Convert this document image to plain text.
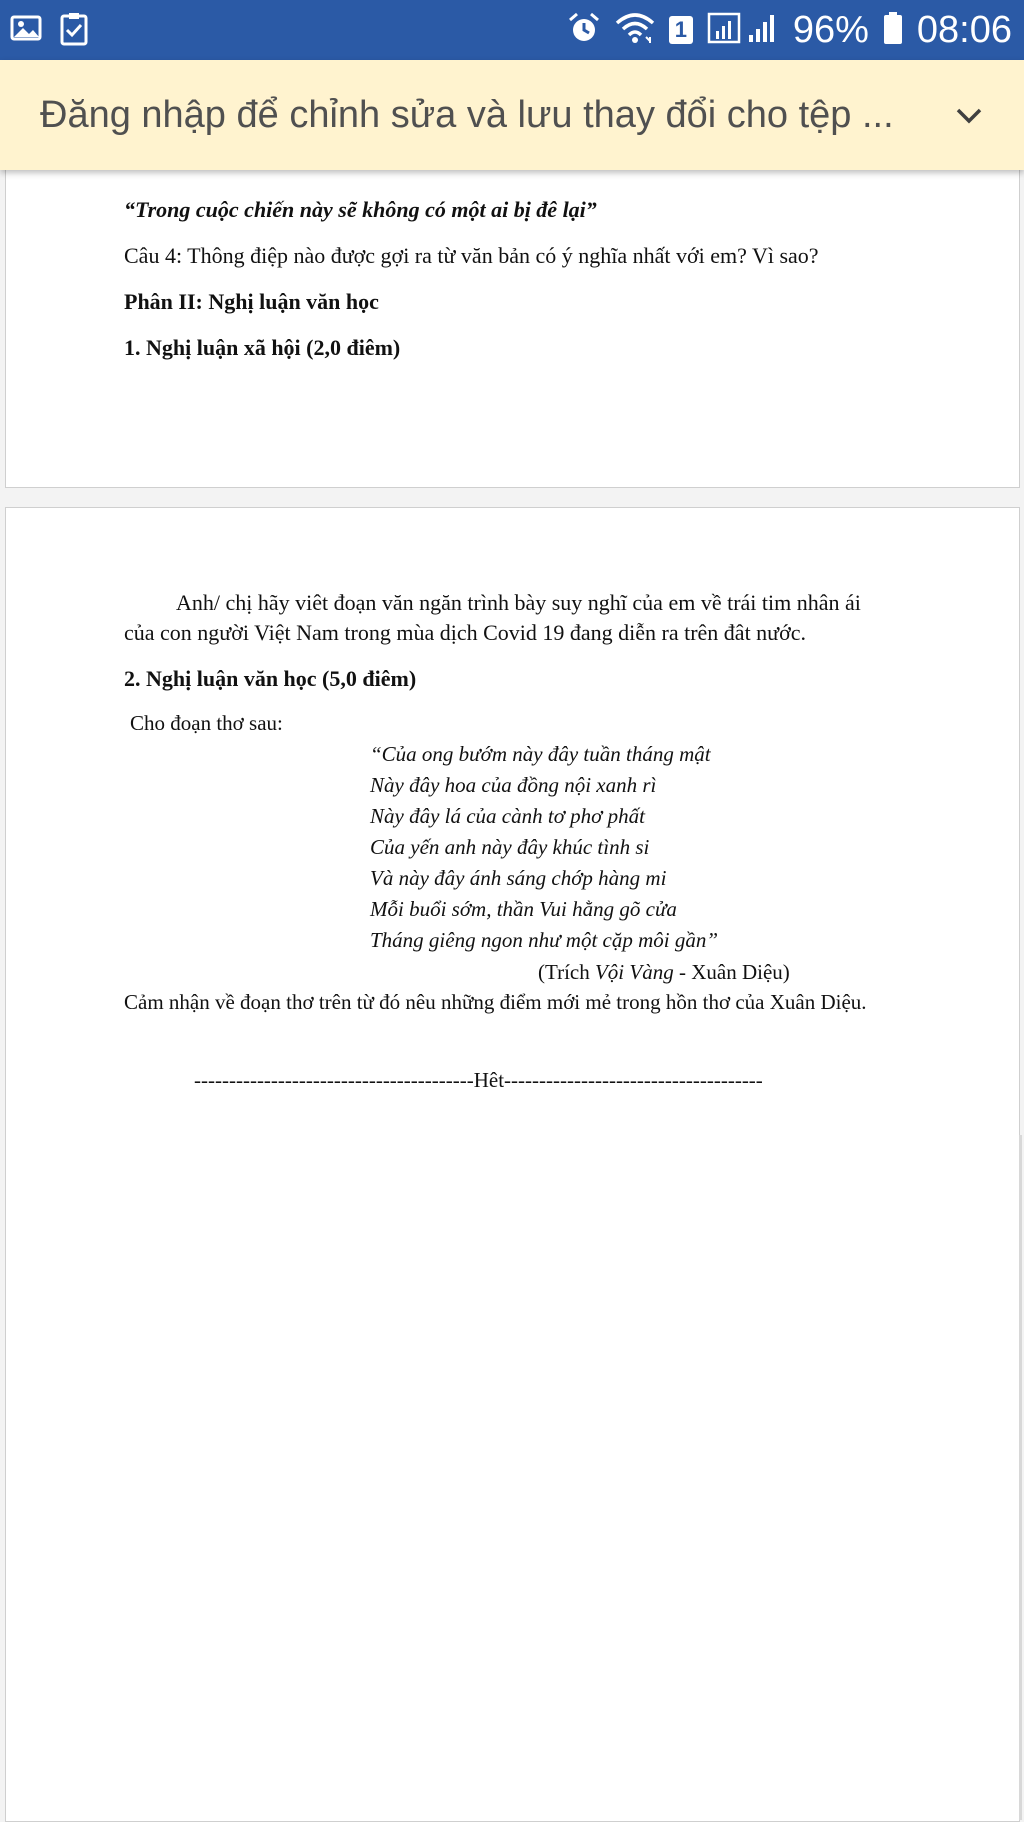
1	96% 08:06
Đăng nhập để chỉnh sửa và lưu thay đổi cho tệp ...
“Trong cuộc chiến này sẽ không có một ai bị đê lại”
Câu 4: Thông điệp nào được gợi ra từ văn bản có ý nghĩa nhất với em? Vì sao?
Phân II: Nghị luận văn học
1. Nghị luận xã hội (2,0 điêm)
Anh/ chị hãy viêt đoạn văn ngăn trình bày suy nghĩ của em về trái tim nhân ái
của con người Việt Nam trong mùa dịch Covid 19 đang diễn ra trên đât nước.
2. Nghị luận văn học (5,0 điêm)
Cho đoạn thơ sau:
“Của ong bướm này đây tuần tháng mật
Này đây hoa của đồng nội xanh rì
Này đây lá của cành tơ phơ phất
Của yến anh này đây khúc tình si
Và này đây ánh sáng chớp hàng mi
Mỗi buổi sớm, thần Vui hằng gõ cửa
Tháng giêng ngon như một cặp môi gần”
(Trích Vội Vàng - Xuân Diệu)
Cảm nhận về đoạn thơ trên từ đó nêu những điểm mới mẻ trong hồn thơ của Xuân Diệu.
----------------------------------------Hêt-------------------------------------
